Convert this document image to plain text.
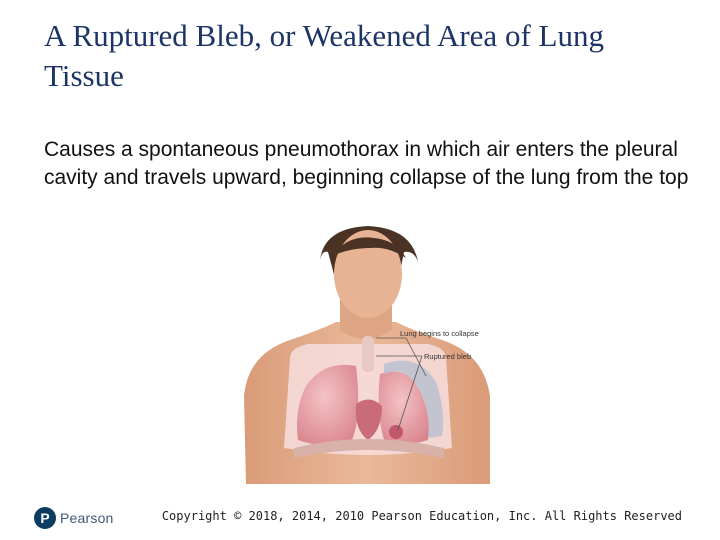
A Ruptured Bleb, or Weakened Area of Lung Tissue
Causes a spontaneous pneumothorax in which air enters the pleural cavity and travels upward, beginning collapse of the lung from the top
Lung begins to collapse
Ruptured bleb
P Pearson	Copyright © 2018, 2014, 2010 Pearson Education, Inc. All Rights Reserved
